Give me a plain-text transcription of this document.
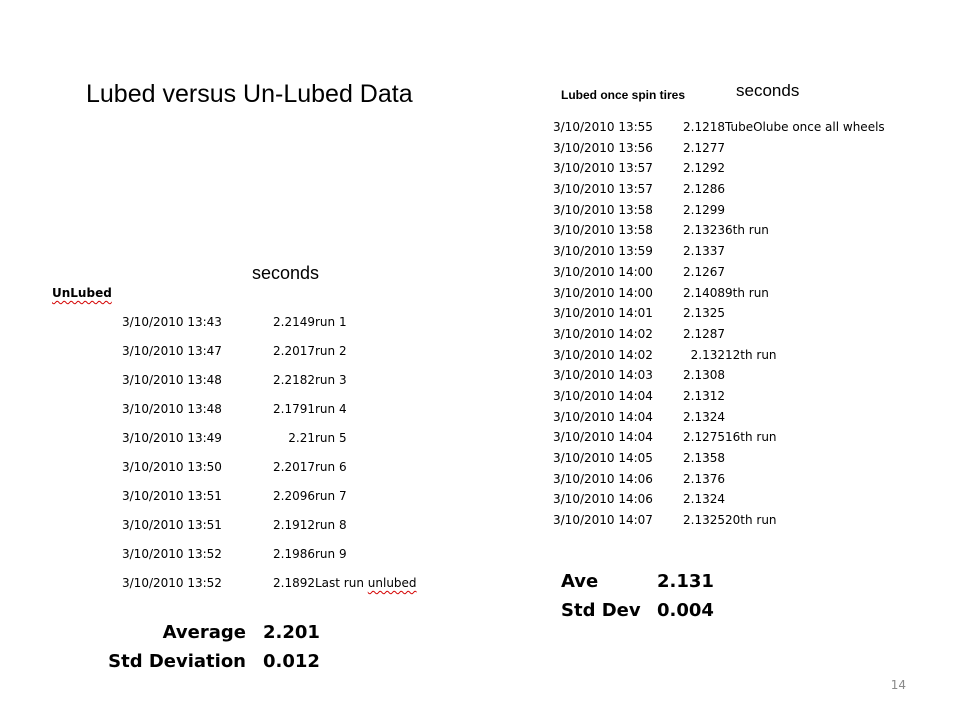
Lubed versus Un-Lubed Data	Lubed once spin tires	seconds
3/10/2010 13:55	2.1218 TubeOlube once all wheels
3/10/2010 13:56	2.1277
3/10/2010 13:57	2.1292
3/10/2010 13:57	2.1286
3/10/2010 13:58	2.1299
3/10/2010 13:58	2.1323 6th run
3/10/2010 13:59	2.1337
3/10/2010 14:00	2.1267
3/10/2010 14:00	2.1408 9th run
3/10/2010 14:01	2.1325
3/10/2010 14:02	2.1287
3/10/2010 14:02	2.132 12th run
3/10/2010 14:03	2.1308
3/10/2010 14:04	2.1312
3/10/2010 14:04	2.1324
3/10/2010 14:04	2.1275 16th run
3/10/2010 14:05	2.1358
3/10/2010 14:06	2.1376
3/10/2010 14:06	2.1324
3/10/2010 14:07	2.1325 20th run
seconds
UnLubed
3/10/2010 13:43	2.2149 run 1
3/10/2010 13:47	2.2017 run 2
3/10/2010 13:48	2.2182 run 3
3/10/2010 13:48	2.1791 run 4
3/10/2010 13:49	2.21 run 5
3/10/2010 13:50	2.2017 run 6
3/10/2010 13:51	2.2096 run 7
3/10/2010 13:51	2.1912 run 8
3/10/2010 13:52	2.1986 run 9
3/10/2010 13:52	2.1892 Last run unlubed
Average 2.201
Std Deviation 0.012
Ave	2.131
Std Dev 0.004
14
